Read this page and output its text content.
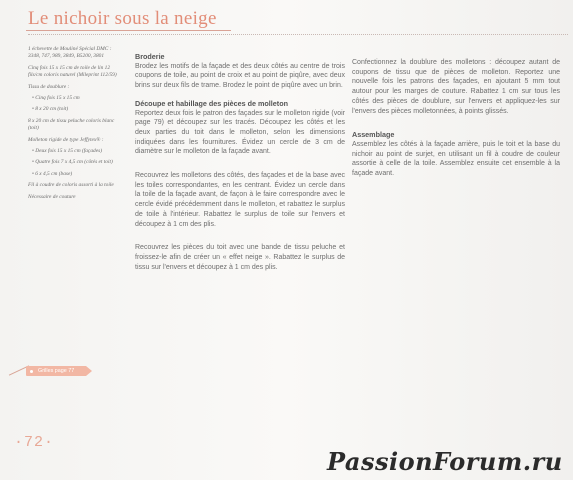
Le nichoir sous la neige
1 échevette de Mouliné Spécial DMC : 3348, 747, 989, 3849, B5200, 3801
Cinq fois 15 x 15 cm de toile de lin 12 fils/cm coloris naturel (Mileprint 112/59)
Tissu de doublure :
• Cinq fois 15 x 15 cm
• 8 x 20 cm (toit)
8 x 20 cm de tissu peluche coloris blanc (toit)
Molleton rigide de type Jeffytex® :
• Deux fois 15 x 15 cm (façades)
• Quatre fois 7 x 4,5 cm (côtés et toit)
• 6 x 4,5 cm (base)
Fil à coudre de coloris assorti à la toile
Nécessaire de couture
Broderie

Brodez les motifs de la façade et des deux côtés au centre de trois coupons de toile, au point de croix et au point de piqûre, avec deux brins sur deux fils de trame. Brodez le point de piqûre avec un brin.

Découpe et habillage des pièces de molleton

Reportez deux fois le patron des façades sur le molleton rigide (voir page 79) et découpez sur les tracés. Découpez les côtés et les deux parties du toit dans le molleton, selon les dimensions indiquées dans les fournitures. Évidez un cercle de 3 cm de diamètre sur le molleton de la façade avant.

Recouvrez les molletons des côtés, des façades et de la base avec les toiles correspondantes, en les centrant. Évidez un cercle dans la toile de la façade avant, de façon à le faire correspondre avec le cercle évidé précédemment dans le molleton, et rabattez le surplus de toile à l'intérieur. Rabattez le surplus de toile sur l'envers et découpez à 1 cm des plis.

Recouvrez les pièces du toit avec une bande de tissu peluche et froissez-le afin de créer un « effet neige ». Rabattez le surplus de tissu sur l'envers et découpez à 1 cm des plis.

Confectionnez la doublure des molletons : découpez autant de coupons de tissu que de pièces de molleton. Reportez une nouvelle fois les patrons des façades, en ajoutant 5 mm tout autour pour les marges de couture. Rabattez 1 cm sur tous les côtés des pièces de doublure, sur l'envers et appliquez-les sur l'envers des pièces molletonnées, à points glissés.

Assemblage

Assemblez les côtés à la façade arrière, puis le toit et la base du nichoir au point de surjet, en utilisant un fil à coudre de couleur assortie à celle de la toile. Assemblez ensuite cet ensemble à la façade avant.

Grilles page 77
·72·
PassionForum.ru
